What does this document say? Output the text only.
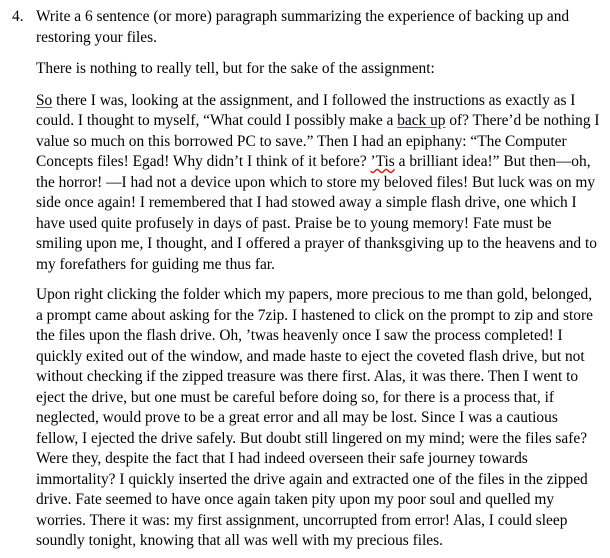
4. Write a 6 sentence (or more) paragraph summarizing the experience of backing up and restoring your files.

There is nothing to really tell, but for the sake of the assignment:

So there I was, looking at the assignment, and I followed the instructions as exactly as I could. I thought to myself, “What could I possibly make a back up of? There’d be nothing I value so much on this borrowed PC to save.” Then I had an epiphany: “The Computer Concepts files! Egad! Why didn’t I think of it before? ’Tis a brilliant idea!” But then—oh, the horror! —I had not a device upon which to store my beloved files! But luck was on my side once again! I remembered that I had stowed away a simple flash drive, one which I have used quite profusely in days of past. Praise be to young memory! Fate must be smiling upon me, I thought, and I offered a prayer of thanksgiving up to the heavens and to my forefathers for guiding me thus far.

Upon right clicking the folder which my papers, more precious to me than gold, belonged, a prompt came about asking for the 7zip. I hastened to click on the prompt to zip and store the files upon the flash drive. Oh, ’twas heavenly once I saw the process completed! I quickly exited out of the window, and made haste to eject the coveted flash drive, but not without checking if the zipped treasure was there first. Alas, it was there. Then I went to eject the drive, but one must be careful before doing so, for there is a process that, if neglected, would prove to be a great error and all may be lost. Since I was a cautious fellow, I ejected the drive safely. But doubt still lingered on my mind; were the files safe? Were they, despite the fact that I had indeed overseen their safe journey towards immortality? I quickly inserted the drive again and extracted one of the files in the zipped drive. Fate seemed to have once again taken pity upon my poor soul and quelled my worries. There it was: my first assignment, uncorrupted from error! Alas, I could sleep soundly tonight, knowing that all was well with my precious files.
